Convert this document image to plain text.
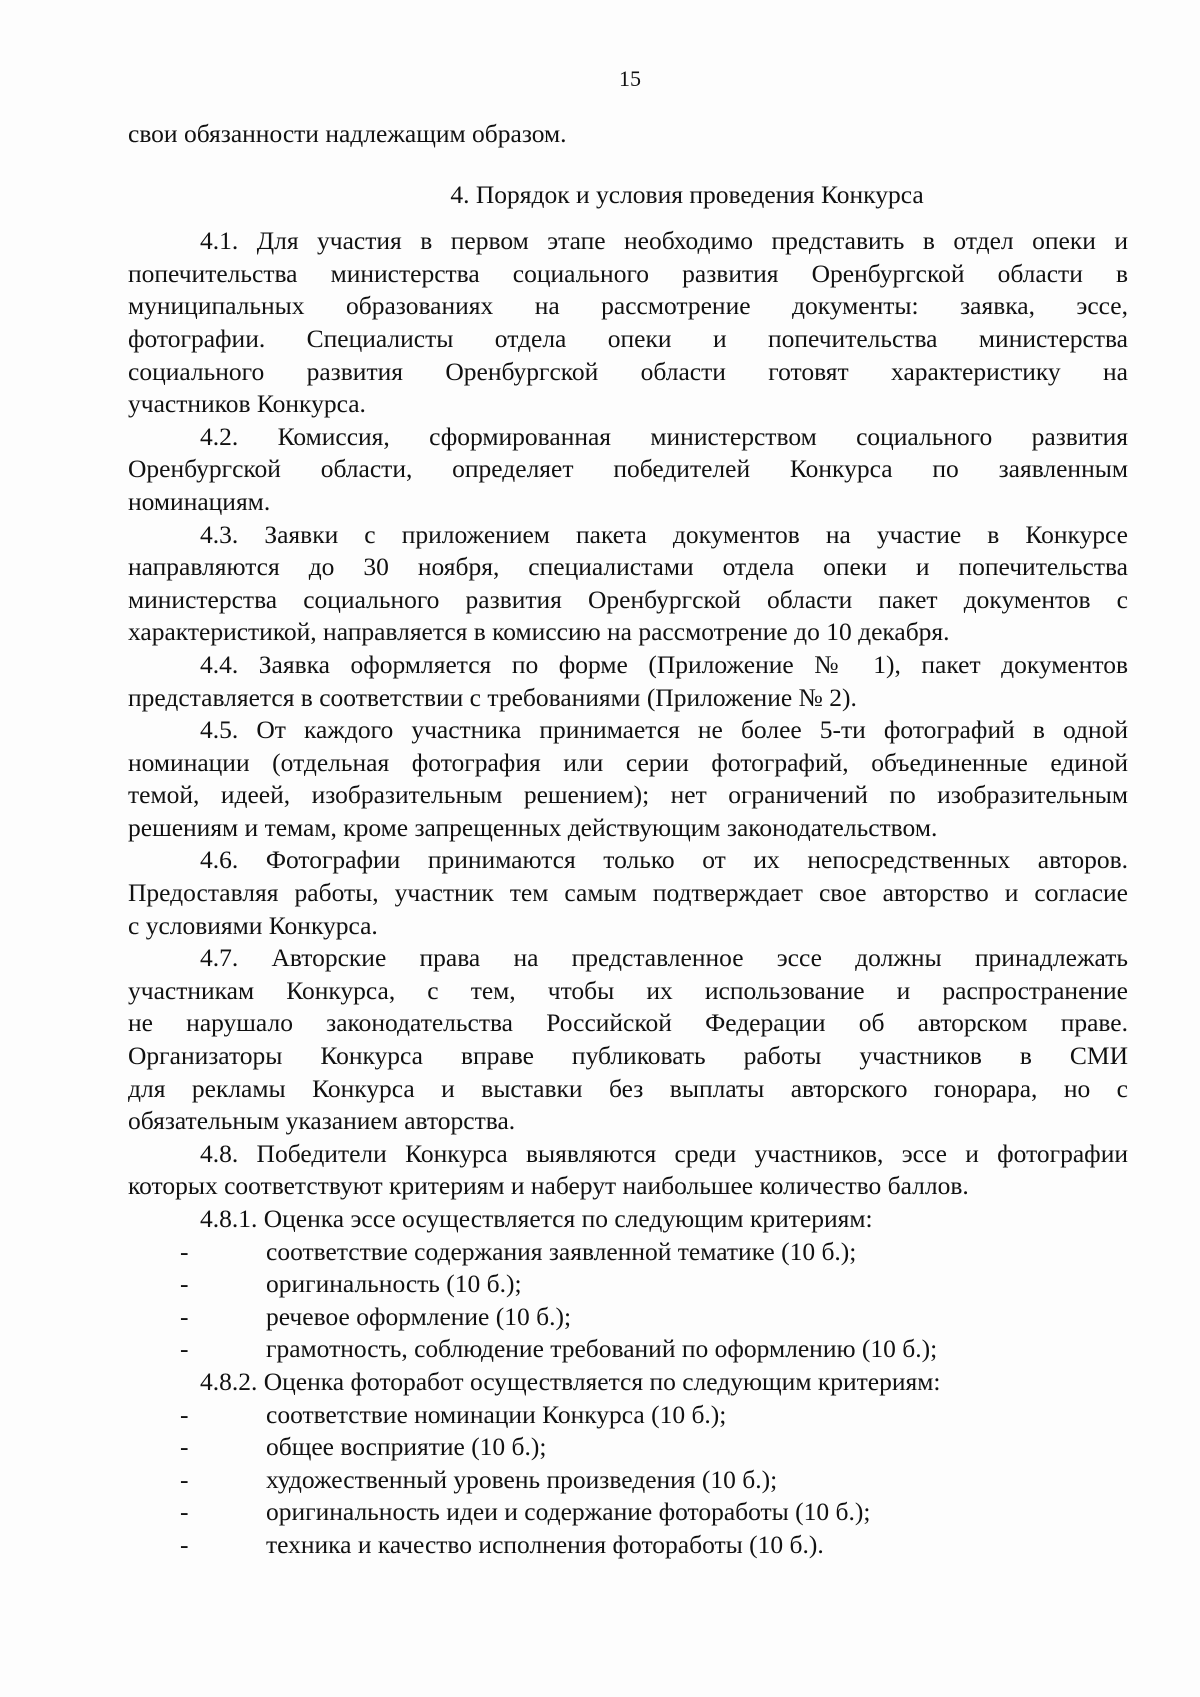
15
свои обязанности надлежащим образом.
4. Порядок и условия проведения Конкурса
4.1. Для участия в первом этапе необходимо представить в отдел опеки и
попечительства министерства социального развития Оренбургской области в
муниципальных образованиях на рассмотрение документы: заявка, эссе,
фотографии. Специалисты отдела опеки и попечительства министерства
социального развития Оренбургской области готовят характеристику на
участников Конкурса.
4.2. Комиссия, сформированная министерством социального развития
Оренбургской области, определяет победителей Конкурса по заявленным
номинациям.
4.3. Заявки с приложением пакета документов на участие в Конкурсе
направляются до 30 ноября, специалистами отдела опеки и попечительства
министерства социального развития Оренбургской области пакет документов с
характеристикой, направляется в комиссию на рассмотрение до 10 декабря.
4.4. Заявка оформляется по форме (Приложение № 1), пакет документов
представляется в соответствии с требованиями (Приложение № 2).
4.5. От каждого участника принимается не более 5-ти фотографий в одной
номинации (отдельная фотография или серии фотографий, объединенные единой
темой, идеей, изобразительным решением); нет ограничений по изобразительным
решениям и темам, кроме запрещенных действующим законодательством.
4.6. Фотографии принимаются только от их непосредственных авторов.
Предоставляя работы, участник тем самым подтверждает свое авторство и согласие
с условиями Конкурса.
4.7. Авторские права на представленное эссе должны принадлежать
участникам Конкурса, с тем, чтобы их использование и распространение
не нарушало законодательства Российской Федерации об авторском праве.
Организаторы Конкурса вправе публиковать работы участников в СМИ
для рекламы Конкурса и выставки без выплаты авторского гонорара, но с
обязательным указанием авторства.
4.8. Победители Конкурса выявляются среди участников, эссе и фотографии
которых соответствуют критериям и наберут наибольшее количество баллов.
4.8.1. Оценка эссе осуществляется по следующим критериям:
-	соответствие содержания заявленной тематике (10 б.);
-	оригинальность (10 б.);
-	речевое оформление (10 б.);
-	грамотность, соблюдение требований по оформлению (10 б.);
4.8.2. Оценка фоторабот осуществляется по следующим критериям:
-	соответствие номинации Конкурса (10 б.);
-	общее восприятие (10 б.);
-	художественный уровень произведения (10 б.);
-	оригинальность идеи и содержание фотоработы (10 б.);
-	техника и качество исполнения фотоработы (10 б.).
